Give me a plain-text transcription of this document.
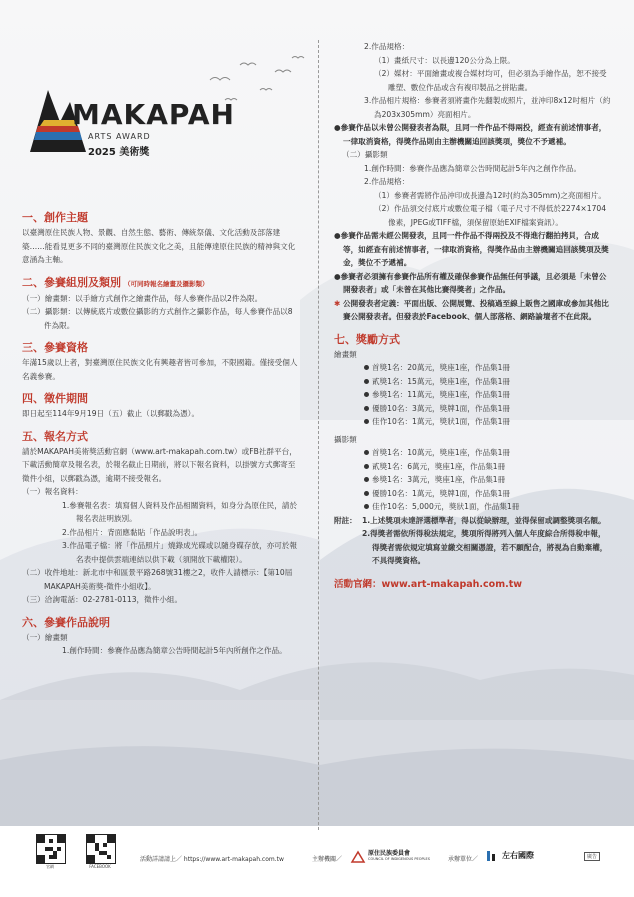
MAKAPAH
ARTS AWARD
2025 美術獎
一、創作主題

以臺灣原住民族人物、景觀、自然生態、藝術、傳統祭儀、文化活動及部落建築……能看見更多不同的臺灣原住民族文化之美，且能傳達原住民族的精神與文化意涵為主軸。

二、參賽組別及類別 （可同時報名繪畫及攝影類）

（一）繪畫類：以手繪方式創作之繪畫作品，每人參賽作品以2件為限。

（二）攝影類：以傳統底片或數位攝影的方式創作之攝影作品，每人參賽作品以8件為限。

三、參賽資格

年滿15歲以上者，對臺灣原住民族文化有興趣者皆可參加，不限國籍。僅接受個人名義參賽。

四、徵件期間

即日起至114年9月19日（五）截止（以郵戳為憑）。

五、報名方式

請於MAKAPAH美術獎活動官網（www.art-makapah.com.tw）或FB社群平台，下載活動簡章及報名表，於報名截止日期前，將以下報名資料，以掛號方式郵寄至徵件小組，以郵戳為憑，逾期不接受報名。

（一）報名資料：

1.參賽報名表：填寫個人資料及作品相關資料，如身分為原住民，請於報名表註明族別。

2.作品相片：背面應黏貼「作品說明表」。

3.作品電子檔：將「作品照片」燒錄成光碟或以隨身碟存放，亦可於報名表中提供雲端連結以供下載（須開放下載權限）。

（二）收件地址：新北市中和區景平路268號31樓之2，收件人請標示：【第10屆MAKAPAH美術獎-徵件小組收】。

（三）洽詢電話：02-2781-0113，徵件小組。

六、參賽作品說明

（一）繪畫類

1.創作時間：參賽作品應為簡章公告時間起計5年內所創作之作品。

2.作品規格：

（1）畫紙尺寸：以長邊120公分為上限。

（2）媒材：平面繪畫或複合媒材均可，但必須為手繪作品，恕不接受雕塑、數位作品或含有複印製品之拼貼畫。

3.作品相片規格：參賽者須將畫作先翻製成照片，並沖印8x12吋相片（約為203x305mm）亮面相片。

●參賽作品以未曾公開發表者為限，且同一件作品不得兩投，經查有前述情事者，一律取消資格，得獎作品則由主辦機關追回該獎項，獎位不予遞補。

（二）攝影類

1.創作時間：參賽作品應為簡章公告時間起計5年內之創作作品。

2.作品規格：

（1）參賽者需將作品沖印成長邊為12吋(約為305mm)之亮面相片。

（2）作品須交付底片或數位電子檔（電子尺寸不得低於2274×1704像素，JPEG或TIFF檔，須保留原始EXIF檔案資訊）。

●參賽作品需未經公開發表，且同一件作品不得兩投及不得進行翻拍拷貝，合成等，如經查有前述情事者，一律取消資格，得獎作品由主辦機關追回該獎項及獎金，獎位不予遞補。

●參賽者必須擁有參賽作品所有權及確保參賽作品無任何爭議，且必須是「未曾公開發表者」或「未曾在其他比賽得獎者」之作品。

✱ 公開發表者定義：平面出版、公開展覽、投稿過至線上販售之國庫或參加其他比賽公開發表者。但發表於Facebook、個人部落格、網路論壇者不在此限。

七、獎勵方式

繪畫類

首獎1名：20萬元，獎座1座，作品集1冊

貳獎1名：15萬元，獎座1座，作品集1冊

參獎1名：11萬元，獎座1座，作品集1冊

優勝10名：3萬元，獎牌1面，作品集1冊

佳作10名：1萬元，獎狀1面，作品集1冊

攝影類

首獎1名：10萬元，獎座1座，作品集1冊

貳獎1名：6萬元，獎座1座，作品集1冊

參獎1名：3萬元，獎座1座，作品集1冊

優勝10名：1萬元，獎牌1面，作品集1冊

佳作10名：5,000元，獎狀1面，作品集1冊

附註： 1.上述獎項未達評選標準者，得以從缺辦理，並得保留或調整獎項名額。

2.得獎者需依所得稅法規定，獎項所得將列入個人年度綜合所得稅申報，得獎者需依規定填寫並繳交相關憑證，若不願配合，將視為自動棄權，不具得獎資格。

活動官網：www.art-makapah.com.tw

官網	FACEBOOK
活動詳請請上／ https://www.art-makapah.com.tw	主辦機關／
原住民族委員會
COUNCIL OF INDIGENOUS PEOPLES	承辦單位／	左右國際	廣告
